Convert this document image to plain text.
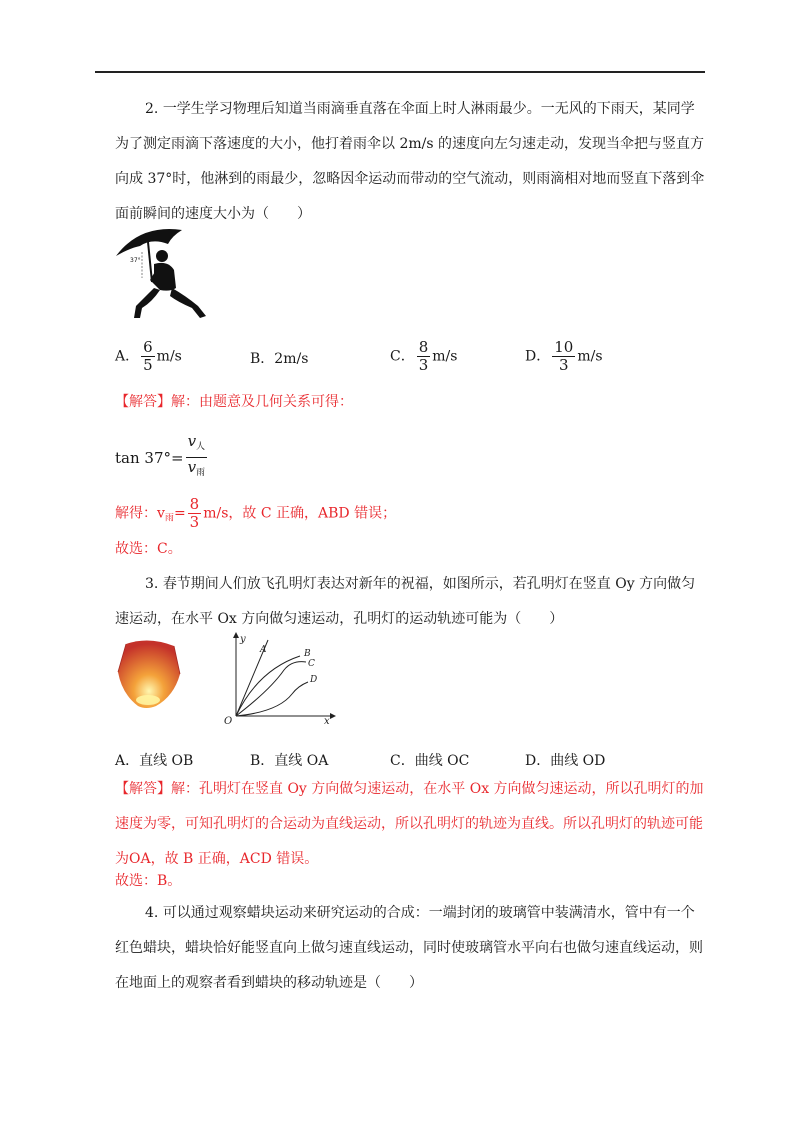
2. 一学生学习物理后知道当雨滴垂直落在伞面上时人淋雨最少。一无风的下雨天，某同学为了测定雨滴下落速度的大小，他打着雨伞以 2m/s 的速度向左匀速走动，发现当伞把与竖直方向成 37°时，他淋到的雨最少，忽略因伞运动而带动的空气流动，则雨滴相对地而竖直下落到伞面前瞬间的速度大小为（　　）
37°
A． $\frac{6}{5} m/s$	B．2m/s	C． $\frac{8}{3} m/s$	D． $\frac{10}{3} m/s$
【解答】解：由题意及几何关系可得：
$\tan 37^\circ= \frac{v_人}{v_雨}$
解得：$v_雨= \frac{8}{3} m/s$，故 C 正确，ABD 错误；
故选：C。
3. 春节期间人们放飞孔明灯表达对新年的祝福，如图所示，若孔明灯在竖直 Oy 方向做匀速运动，在水平 Ox 方向做匀速运动，孔明灯的运动轨迹可能为（　　）
y
x
O
A	B
C
D
A．直线 OB	B．直线 OA	C．曲线 OC	D．曲线 OD
【解答】解：孔明灯在竖直 Oy 方向做匀速运动，在水平 Ox 方向做匀速运动，所以孔明灯的加速度为零，可知孔明灯的合运动为直线运动，所以孔明灯的轨迹为直线。所以孔明灯的轨迹可能为OA，故 B 正确，ACD 错误。
故选：B。
4. 可以通过观察蜡块运动来研究运动的合成：一端封闭的玻璃管中装满清水，管中有一个红色蜡块，蜡块恰好能竖直向上做匀速直线运动，同时使玻璃管水平向右也做匀速直线运动，则在地面上的观察者看到蜡块的移动轨迹是（　　）
